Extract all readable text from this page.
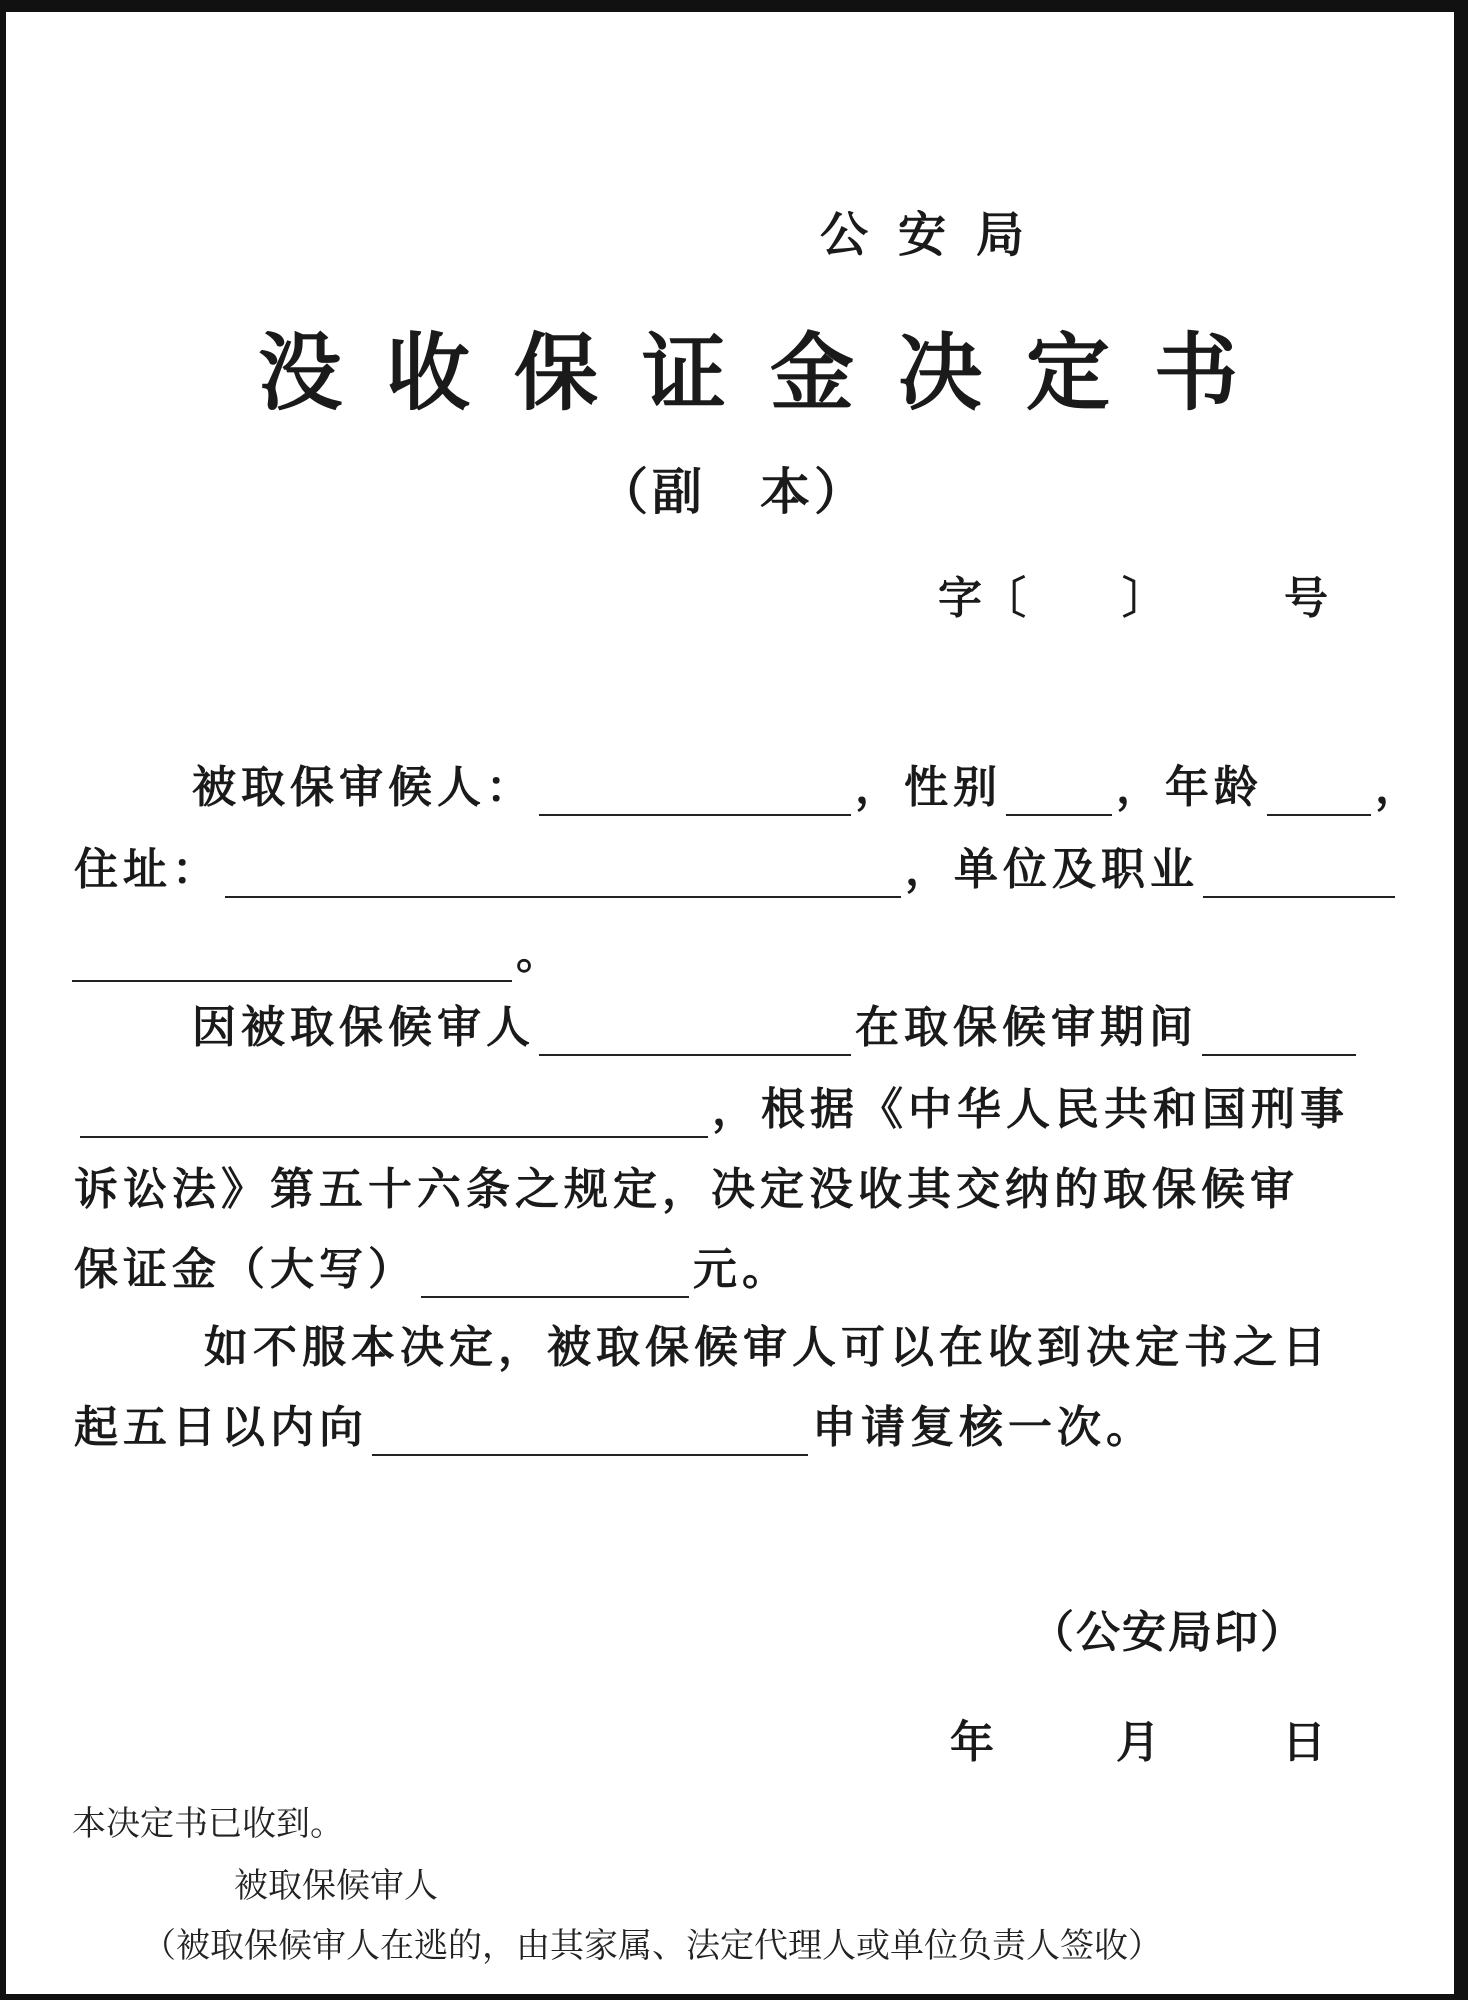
公安局
没收保证金决定书
（副 本）
字〔 〕	号
被取保审候人：	，性别	，年龄	，
住址：	，单位及职业
。
因被取保候审人	在取保候审期间
，根据《中华人民共和国刑事
诉讼法》第五十六条之规定，决定没收其交纳的取保候审
保证金（大写）	元。
如不服本决定，被取保候审人可以在收到决定书之日
起五日以内向	申请复核一次。
（公安局印）
年	月	日
本决定书已收到。
被取保候审人
（被取保候审人在逃的，由其家属、法定代理人或单位负责人签收）
